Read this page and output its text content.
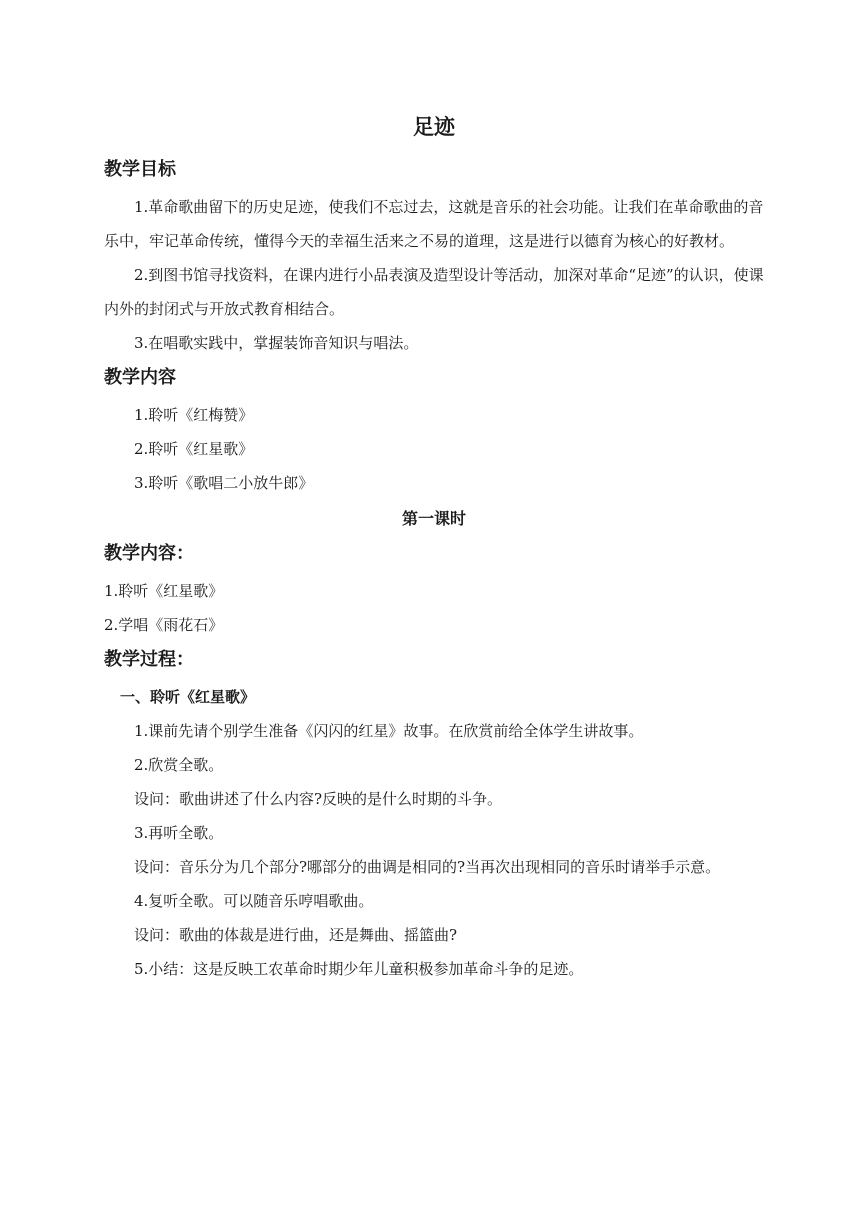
足迹
教学目标

1.革命歌曲留下的历史足迹，使我们不忘过去，这就是音乐的社会功能。让我们在革命歌曲的音乐中，牢记革命传统，懂得今天的幸福生活来之不易的道理，这是进行以德育为核心的好教材。

2.到图书馆寻找资料，在课内进行小品表演及造型设计等活动，加深对革命“足迹”的认识，使课内外的封闭式与开放式教育相结合。

3.在唱歌实践中，掌握装饰音知识与唱法。

教学内容

1.聆听《红梅赞》

2.聆听《红星歌》

3.聆听《歌唱二小放牛郎》

第一课时
教学内容：

1.聆听《红星歌》

2.学唱《雨花石》

教学过程：
一、聆听《红星歌》

1.课前先请个别学生准备《闪闪的红星》故事。在欣赏前给全体学生讲故事。

2.欣赏全歌。

设问：歌曲讲述了什么内容?反映的是什么时期的斗争。

3.再听全歌。

设问：音乐分为几个部分?哪部分的曲调是相同的?当再次出现相同的音乐时请举手示意。

4.复听全歌。可以随音乐哼唱歌曲。

设问：歌曲的体裁是进行曲，还是舞曲、摇篮曲?

5.小结：这是反映工农革命时期少年儿童积极参加革命斗争的足迹。
